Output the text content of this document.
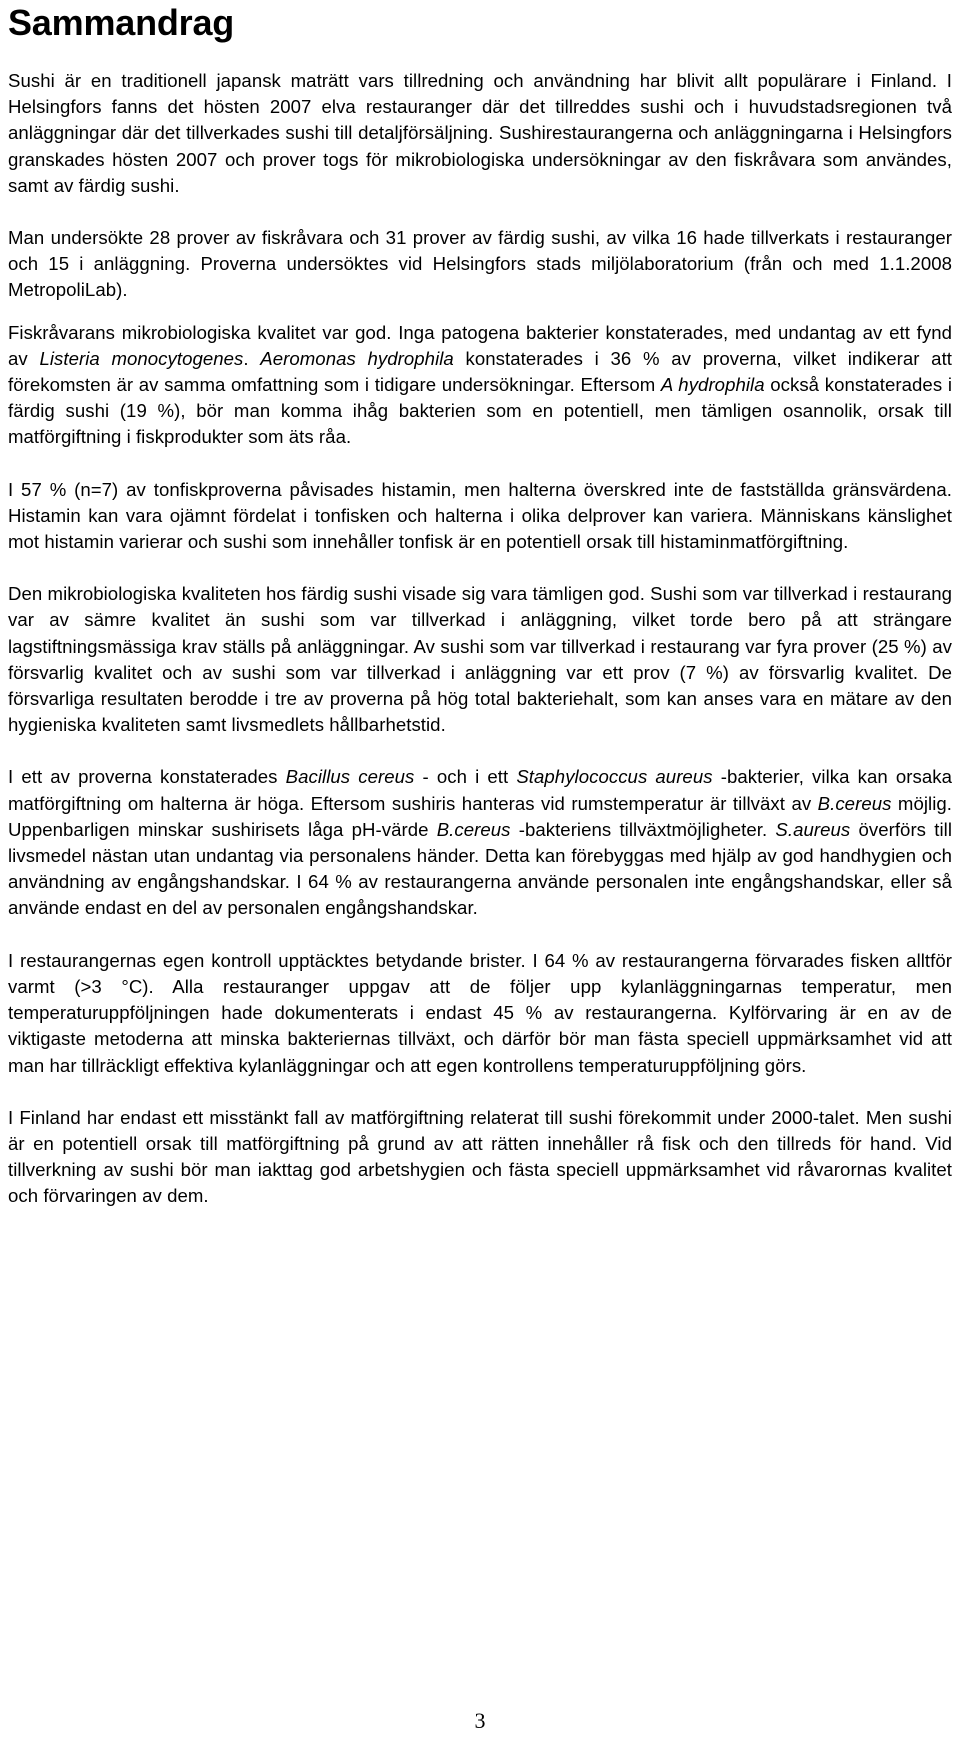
Sammandrag

Sushi är en traditionell japansk maträtt vars tillredning och användning har blivit allt populärare i Finland. I Helsingfors fanns det hösten 2007 elva restauranger där det tillreddes sushi och i huvudstadsregionen två anläggningar där det tillverkades sushi till detaljförsäljning. Sushirestaurangerna och anläggningarna i Helsingfors granskades hösten 2007 och prover togs för mikrobiologiska undersökningar av den fiskråvara som användes, samt av färdig sushi.

Man undersökte 28 prover av fiskråvara och 31 prover av färdig sushi, av vilka 16 hade tillverkats i restauranger och 15 i anläggning. Proverna undersöktes vid Helsingfors stads miljölaboratorium (från och med 1.1.2008 MetropoliLab).

Fiskråvarans mikrobiologiska kvalitet var god. Inga patogena bakterier konstaterades, med undantag av ett fynd av Listeria monocytogenes. Aeromonas hydrophila konstaterades i 36 % av proverna, vilket indikerar att förekomsten är av samma omfattning som i tidigare undersökningar. Eftersom A hydrophila också konstaterades i färdig sushi (19 %), bör man komma ihåg bakterien som en potentiell, men tämligen osannolik, orsak till matförgiftning i fiskprodukter som äts råa.

I 57 % (n=7) av tonfiskproverna påvisades histamin, men halterna överskred inte de fastställda gränsvärdena. Histamin kan vara ojämnt fördelat i tonfisken och halterna i olika delprover kan variera. Människans känslighet mot histamin varierar och sushi som innehåller tonfisk är en potentiell orsak till histaminmatförgiftning.

Den mikrobiologiska kvaliteten hos färdig sushi visade sig vara tämligen god. Sushi som var tillverkad i restaurang var av sämre kvalitet än sushi som var tillverkad i anläggning, vilket torde bero på att strängare lagstiftningsmässiga krav ställs på anläggningar. Av sushi som var tillverkad i restaurang var fyra prover (25 %) av försvarlig kvalitet och av sushi som var tillverkad i anläggning var ett prov (7 %) av försvarlig kvalitet. De försvarliga resultaten berodde i tre av proverna på hög total bakteriehalt, som kan anses vara en mätare av den hygieniska kvaliteten samt livsmedlets hållbarhetstid.

I ett av proverna konstaterades Bacillus cereus - och i ett Staphylococcus aureus -bakterier, vilka kan orsaka matförgiftning om halterna är höga. Eftersom sushiris hanteras vid rumstemperatur är tillväxt av B.cereus möjlig. Uppenbarligen minskar sushirisets låga pH-värde B.cereus -bakteriens tillväxtmöjligheter. S.aureus överförs till livsmedel nästan utan undantag via personalens händer. Detta kan förebyggas med hjälp av god handhygien och användning av engångshandskar. I 64 % av restaurangerna använde personalen inte engångshandskar, eller så använde endast en del av personalen engångshandskar.

I restaurangernas egen kontroll upptäcktes betydande brister. I 64 % av restaurangerna förvarades fisken alltför varmt (>3 °C). Alla restauranger uppgav att de följer upp kylanläggningarnas temperatur, men temperaturuppföljningen hade dokumenterats i endast 45 % av restaurangerna. Kylförvaring är en av de viktigaste metoderna att minska bakteriernas tillväxt, och därför bör man fästa speciell uppmärksamhet vid att man har tillräckligt effektiva kylanläggningar och att egen kontrollens temperaturuppföljning görs.

I Finland har endast ett misstänkt fall av matförgiftning relaterat till sushi förekommit under 2000-talet. Men sushi är en potentiell orsak till matförgiftning på grund av att rätten innehåller rå fisk och den tillreds för hand. Vid tillverkning av sushi bör man iakttag god arbetshygien och fästa speciell uppmärksamhet vid råvarornas kvalitet och förvaringen av dem.

3
